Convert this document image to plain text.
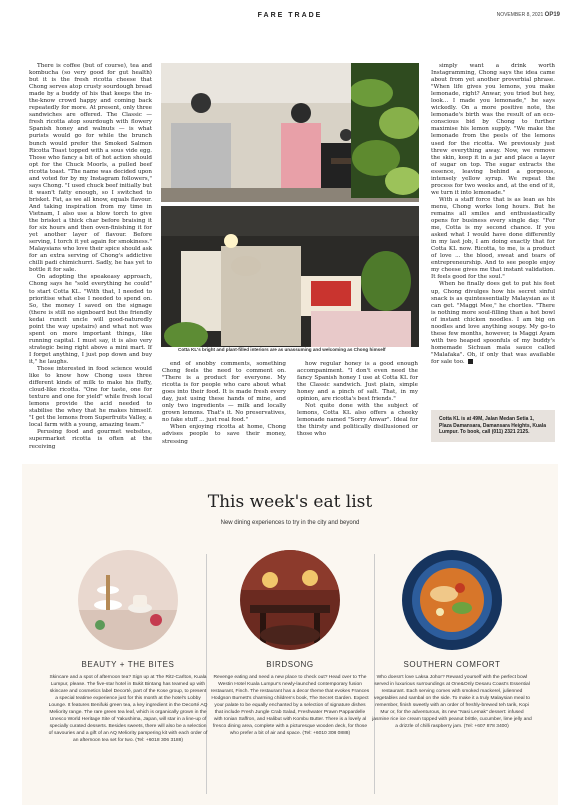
FARE TRADE	NOVEMBER 8, 2021 OP19

There is coffee (but of course), tea and kombucha (so very good for gut health) but it is the fresh ricotta cheese that Chong serves atop crusty sourdough bread made by a buddy of his that keeps the in-the-know crowd happy and coming back repeatedly for more. At present, only three sandwiches are offered. The Classic — fresh ricotta atop sourdough with flowery Spanish honey and walnuts — is what purists would go for while the brunch bunch would prefer the Smoked Salmon Ricotta Toast topped with a sous vide egg. Those who fancy a bit of hot action should opt for the Chuck Moorls, a pulled beef ricotta toast. "The name was decided upon and voted for by my Instagram followers," says Chong. "I used chuck beef initially but it wasn't fatty enough, so I switched to brisket. Fat, as we all know, equals flavour. And taking inspiration from my time in Vietnam, I also use a blow torch to give the brisket a thick char before braising it for six hours and then oven-finishing it for yet another layer of flavour. Before serving, I torch it yet again for smokiness." Malaysians who love their spice should ask for an extra serving of Chong's addictive chilli padi chimichurri. Sadly, he has yet to bottle it for sale.

On adopting the speakeasy approach, Chong says he "sold everything he could" to start Cotta KL. "With that, I needed to prioritise what else I needed to spend on. So, the money I saved on the signage (there is still no signboard but the friendly kedai runcit uncle will good-naturedly point the way upstairs) and what not was spent on more important things, like running capital. I must say, it is also very strategic being right above a mini mart. If I forget anything, I just pop down and buy it," he laughs.

Those interested in food science would like to know how Chong uses three different kinds of milk to make his fluffy, cloud-like ricotta. "One for taste, one for texture and one for yield" while fresh local lemons provide the acid needed to stabilise the whey that he makes himself. "I get the lemons from Superfruits Valley, a local farm with a young, amazing team."

Perusing food and gourmet websites, supermarket ricotta is often at the receiving

Cotta KL's bright and plant-filled interiors are as unassuming and welcoming as Chong himself

end of snobby comments, something Chong feels the need to comment on. "There is a product for everyone. My ricotta is for people who care about what goes into their food. It is made fresh every day, just using these hands of mine, and only two ingredients — milk and locally grown lemons. That's it. No preservatives, no fake stuff ... just real food."

When enjoying ricotta at home, Chong advises people to save their money, stressing

how regular honey is a good enough accompaniment. "I don't even need the fancy Spanish honey I use at Cotta KL for the Classic sandwich. Just plain, simple honey and a pinch of salt. That, in my opinion, are ricotta's best friends."

Not quite done with the subject of lemons, Cotta KL also offers a cheeky lemonade named "Sorry Anwar". Ideal for the thirsty and politically disillusioned or those who

simply want a drink worth Instagramming, Chong says the idea came about from yet another proverbial phrase. "When life gives you lemons, you make lemonade, right? Anwar, you tried but hey, look... I made you lemonade," he says wickedly. On a more positive note, the lemonade's birth was the result of an eco-conscious bid by Chong to further maximise his lemon supply. "We make the lemonade from the peels of the lemons used for the ricotta. We previously just threw everything away. Now, we remove the skin, keep it in a jar and place a layer of sugar on top. The sugar extracts the essence, leaving behind a gorgeous, intensely yellow syrup. We repeat the process for two weeks and, at the end of it, we turn it into lemonade."

With a staff force that is as lean as his menu, Chong works long hours. But he remains all smiles and enthusiastically opens for business every single day. "For me, Cotta is my second chance. If you asked what I would have done differently in my last job, I am doing exactly that for Cotta KL now. Ricotta, to me, is a product of love ... the blood, sweat and tears of entrepreneurship. And to see people enjoy my cheese gives me that instant validation. It feels good for the soul."

When he finally does get to put his feet up, Chong divulges how his secret sinful snack is as quintessentially Malaysian as it can get. "Maggi Mee," he chortles. "There is nothing more soul-filling than a hot bowl of instant chicken noodles. I am big on noodles and love anything soupy. My go-to these few months, however, is Maggi Ayam with two heaped spoonfuls of my buddy's homemade Sichuan mala sauce called "Malafaka". Oh, if only that was available for sale too.

Cotta KL is at 49M, Jalan Medan Setia 1, Plaza Damansara, Damansara Heights, Kuala Lumpur. To book, call (011) 2321 2125.
This week's eat list
New dining experiences to try in the city and beyond
BEAUTY + THE BITES
Skincare and a spot of afternoon tea? Sign up at The Ritz-Carlton, Kuala Lumpur, please. The five-star hotel in Bukit Bintang has teamed up with skincare and cosmetics label Decorté, part of the Kose group, to present a special teatime experience just for this month at the hotel's Lobby Lounge. It features Benifuki green tea, a key ingredient in the Decorté AQ Meliority range. The rare green tea leaf, which is organically grown in the Unesco World Heritage Site of Yakushima, Japan, will star in a line-up of specially curated desserts. Besides sweets, there will also be a selection of savouries and a gift of an AQ Meliority pampering kit with each order of an afternoon tea set for two. (Tel: +6018 306 3188)
BIRDSONG
Revenge eating and need a new place to check out? Head over to The Westin Hotel Kuala Lumpur's newly-launched contemporary fusion restaurant, Finch. The restaurant has a decor theme that evokes Frances Hodgson Burnett's charming children's book, The Secret Garden. Expect your palate to be equally enchanted by a selection of signature dishes that include Fresh Jungle Crab Salad, Freshwater Prawn Pappardelle with Ionian Saffron, and Halibut with Kombu Butter. There is a lovely al fresco dining area, complete with a picturesque wooden deck, for those who prefer a bit of air and space. (Tel: +6010 308 0888)
SOUTHERN COMFORT
Who doesn't love Laksa Johor? Reward yourself with the perfect bowl served in luxurious surroundings at One&Only Desaru Coast's Essential restaurant. Each serving comes with smoked mackerel, julienned vegetables and sambal on the side. To make it a truly Malaysian meal to remember, finish sweetly with an order of freshly-brewed teh tarik, Kopi Mur or, for the adventurous, its new "Nasi Lemak" dessert: infused jasmine rice ice cream topped with peanut brittle, cucumber, lime jelly and a drizzle of chilli raspberry jam. (Tel: +607 878 3400)
